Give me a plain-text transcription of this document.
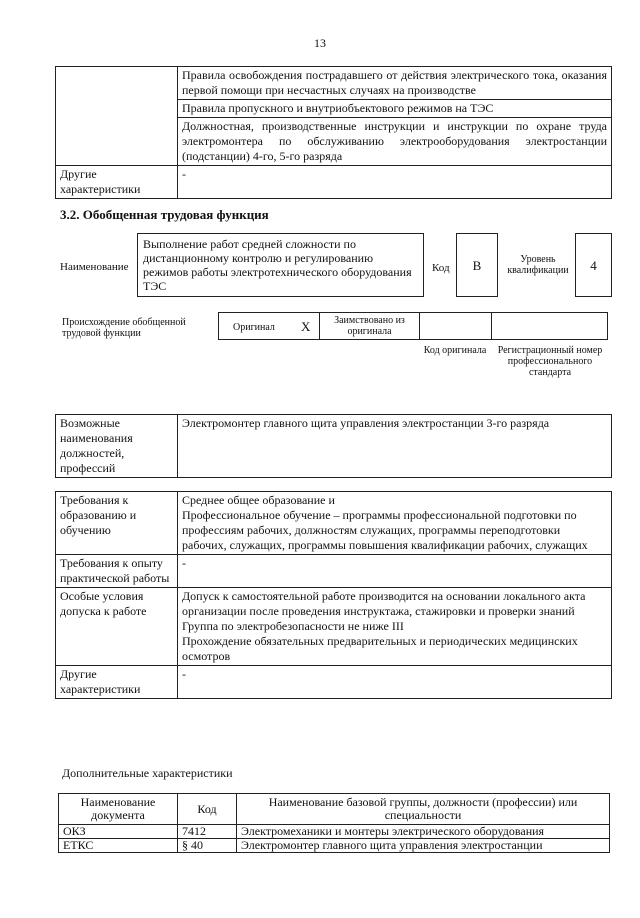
13

	Правила освобождения пострадавшего от действия электрического тока, оказания первой помощи при несчастных случаях на производстве
Правила пропускного и внутриобъектового режимов на ТЭС
Должностная, производственные инструкции и инструкции по охране труда электромонтера по обслуживанию электрооборудования электростанции (подстанции) 4-го, 5-го разряда

Другие характеристики	-
3.2. Обобщенная трудовая функция
Наименование
Выполнение работ средней сложности по дистанционному контролю и регулированию режимов работы электротехнического оборудования ТЭС
Код	B	Уровень квалификации	4
Происхождение обобщенной трудовой функции
Оригинал X	Заимствовано из оригинала
Код оригинала	Регистрационный номер профессионального стандарта
Возможные наименования должностей, профессий	Электромонтер главного щита управления электростанции 3-го разряда
Требования к образованию и обучению	Среднее общее образование и
Профессиональное обучение – программы профессиональной подготовки по профессиям рабочих, должностям служащих, программы переподготовки рабочих, служащих, программы повышения квалификации рабочих, служащих

Требования к опыту практической работы	-
Особые условия допуска к работе	Допуск к самостоятельной работе производится на основании локального акта организации после проведения инструктажа, стажировки и проверки знаний
Группа по электробезопасности не ниже III
Прохождение обязательных предварительных и периодических медицинских осмотров

Другие характеристики	-
Дополнительные характеристики
Наименование документа	Код	Наименование базовой группы, должности (профессии) или специальности
ОКЗ	7412	Электромеханики и монтеры электрического оборудования
ЕТКС	§ 40	Электромонтер главного щита управления электростанции
